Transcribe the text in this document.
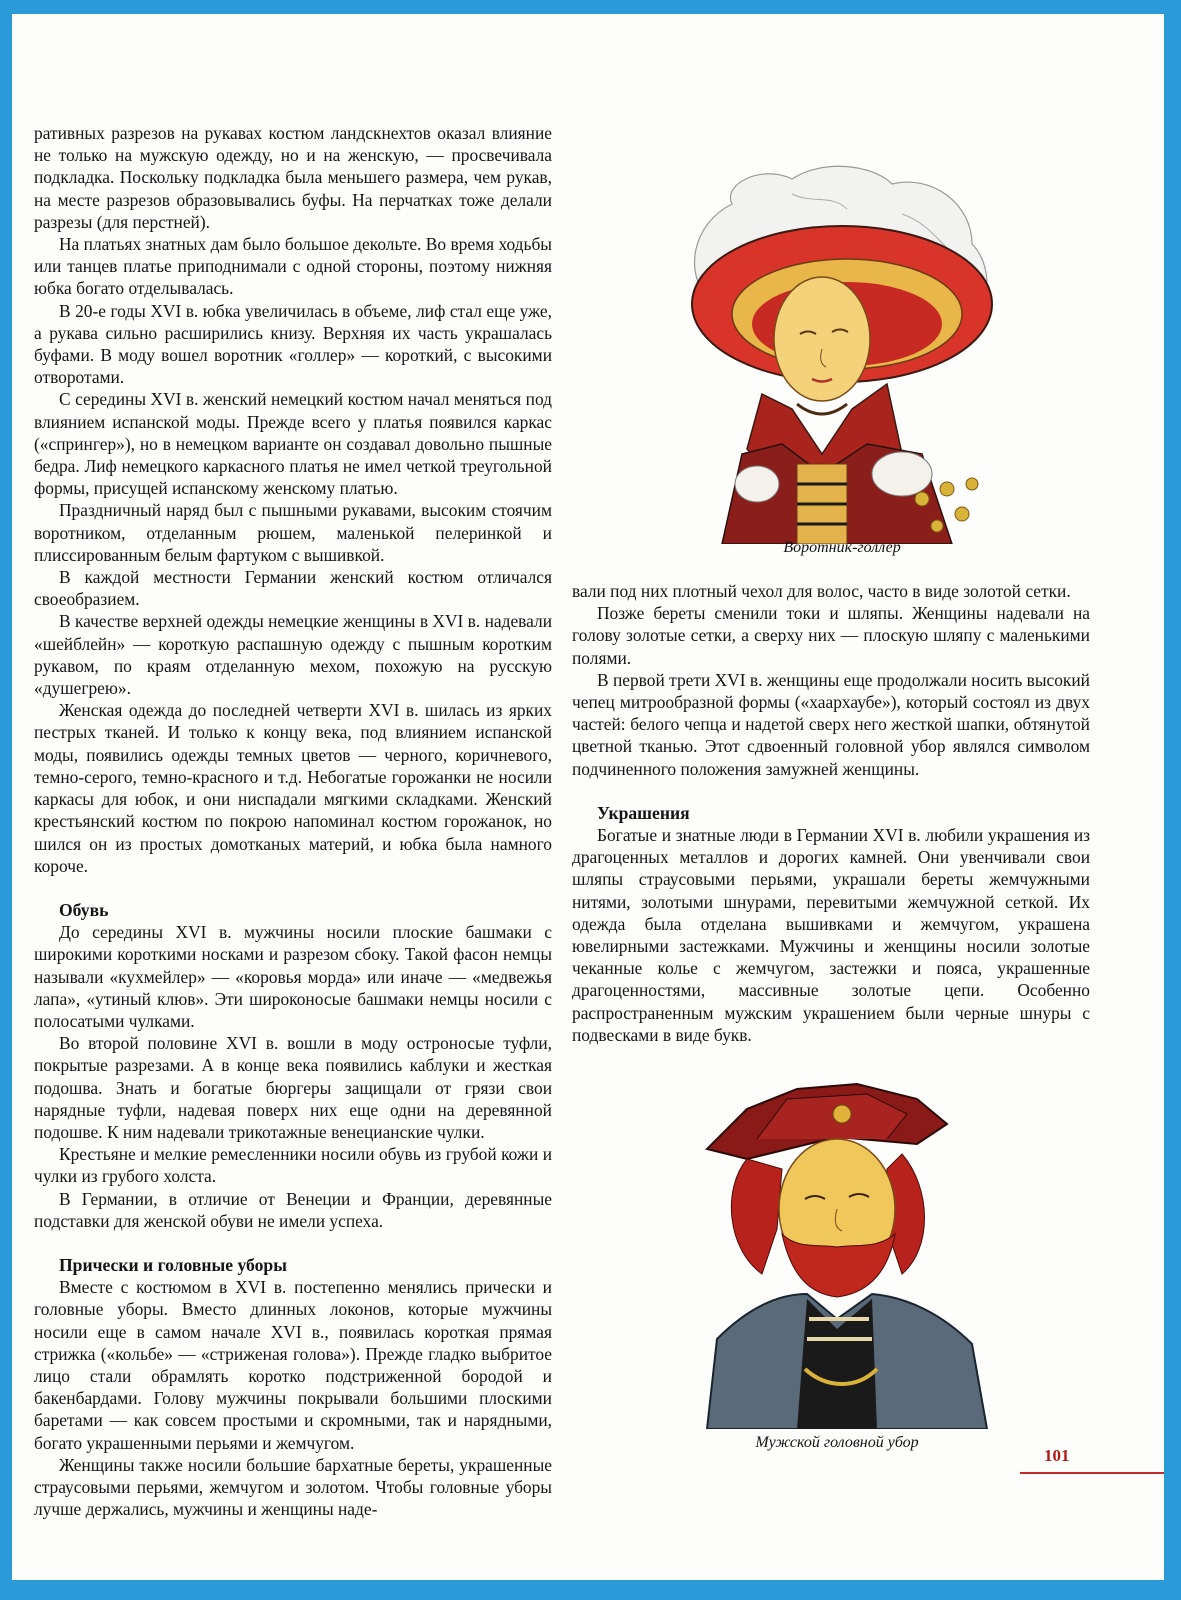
ративных разрезов на рукавах костюм ландскнехтов оказал влияние не только на мужскую одежду, но и на женскую, — просвечивала подкладка. Поскольку подкладка была меньшего размера, чем рукав, на месте разрезов образовывались буфы. На перчатках тоже делали разрезы (для перстней).

На платьях знатных дам было большое декольте. Во время ходьбы или танцев платье приподнимали с одной стороны, поэтому нижняя юбка богато отделывалась.

В 20-е годы XVI в. юбка увеличилась в объеме, лиф стал еще уже, а рукава сильно расширились книзу. Верхняя их часть украшалась буфами. В моду вошел воротник «голлер» — короткий, с высокими отворотами.

С середины XVI в. женский немецкий костюм начал меняться под влиянием испанской моды. Прежде всего у платья появился каркас («спрингер»), но в немецком варианте он создавал довольно пышные бедра. Лиф немецкого каркасного платья не имел четкой треугольной формы, присущей испанскому женскому платью.

Праздничный наряд был с пышными рукавами, высоким стоячим воротником, отделанным рюшем, маленькой пелеринкой и плиссированным белым фартуком с вышивкой.

В каждой местности Германии женский костюм отличался своеобразием.

В качестве верхней одежды немецкие женщины в XVI в. надевали «шейблейн» — короткую распашную одежду с пышным коротким рукавом, по краям отделанную мехом, похожую на русскую «душегрею».

Женская одежда до последней четверти XVI в. шилась из ярких пестрых тканей. И только к концу века, под влиянием испанской моды, появились одежды темных цветов — черного, коричневого, темно-серого, темно-красного и т.д. Небогатые горожанки не носили каркасы для юбок, и они ниспадали мягкими складками. Женский крестьянский костюм по покрою напоминал костюм горожанок, но шился он из простых домотканых материй, и юбка была намного короче.

Обувь

До середины XVI в. мужчины носили плоские башмаки с широкими короткими носками и разрезом сбоку. Такой фасон немцы называли «кухмейлер» — «коровья морда» или иначе — «медвежья лапа», «утиный клюв». Эти широконосые башмаки немцы носили с полосатыми чулками.

Во второй половине XVI в. вошли в моду остроносые туфли, покрытые разрезами. А в конце века появились каблуки и жесткая подошва. Знать и богатые бюргеры защищали от грязи свои нарядные туфли, надевая поверх них еще одни на деревянной подошве. К ним надевали трикотажные венецианские чулки.

Крестьяне и мелкие ремесленники носили обувь из грубой кожи и чулки из грубого холста.

В Германии, в отличие от Венеции и Франции, деревянные подставки для женской обуви не имели успеха.

Прически и головные уборы

Вместе с костюмом в XVI в. постепенно менялись прически и головные уборы. Вместо длинных локонов, которые мужчины носили еще в самом начале XVI в., появилась короткая прямая стрижка («кольбе» — «стриженая голова»). Прежде гладко выбритое лицо стали обрамлять коротко подстриженной бородой и бакенбардами. Голову мужчины покрывали большими плоскими баретами — как совсем простыми и скромными, так и нарядными, богато украшенными перьями и жемчугом.

Женщины также носили большие бархатные береты, украшенные страусовыми перьями, жемчугом и золотом. Чтобы головные уборы лучше держались, мужчины и женщины наде-

Воротник-голлер

вали под них плотный чехол для волос, часто в виде золотой сетки.

Позже береты сменили токи и шляпы. Женщины надевали на голову золотые сетки, а сверху них — плоскую шляпу с маленькими полями.

В первой трети XVI в. женщины еще продолжали носить высокий чепец митрообразной формы («хаархаубе»), который состоял из двух частей: белого чепца и надетой сверх него жесткой шапки, обтянутой цветной тканью. Этот сдвоенный головной убор являлся символом подчиненного положения замужней женщины.

Украшения

Богатые и знатные люди в Германии XVI в. любили украшения из драгоценных металлов и дорогих камней. Они увенчивали свои шляпы страусовыми перьями, украшали береты жемчужными нитями, золотыми шнурами, перевитыми жемчужной сеткой. Их одежда была отделана вышивками и жемчугом, украшена ювелирными застежками. Мужчины и женщины носили золотые чеканные колье с жемчугом, застежки и пояса, украшенные драгоценностями, массивные золотые цепи. Особенно распространенным мужским украшением были черные шнуры с подвесками в виде букв.

Мужской головной убор
101
